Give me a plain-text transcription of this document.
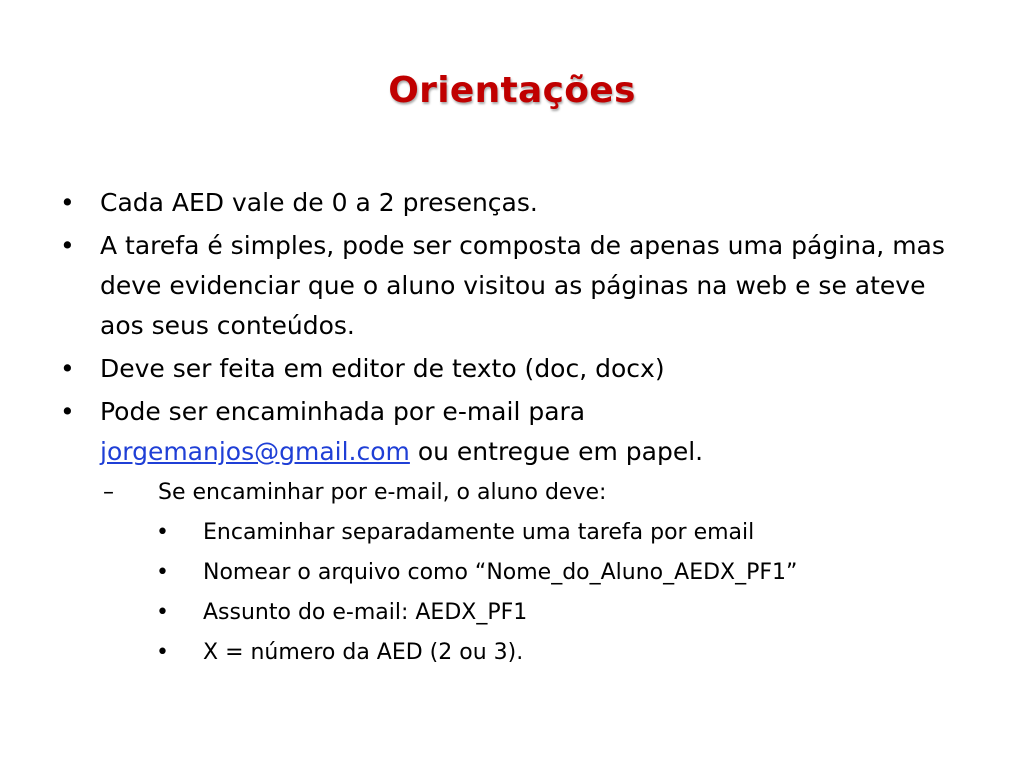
Orientações
• Cada AED vale de 0 a 2 presenças.
• A tarefa é simples, pode ser composta de apenas uma página, mas deve evidenciar que o aluno visitou as páginas na web e se ateve aos seus conteúdos.
• Deve ser feita em editor de texto (doc, docx)
• Pode ser encaminhada por e-mail para
jorgemanjos@gmail.com ou entregue em papel.
– Se encaminhar por e-mail, o aluno deve:
• Encaminhar separadamente uma tarefa por email
• Nomear o arquivo como “Nome_do_Aluno_AEDX_PF1”
• Assunto do e-mail: AEDX_PF1
• X = número da AED (2 ou 3).
